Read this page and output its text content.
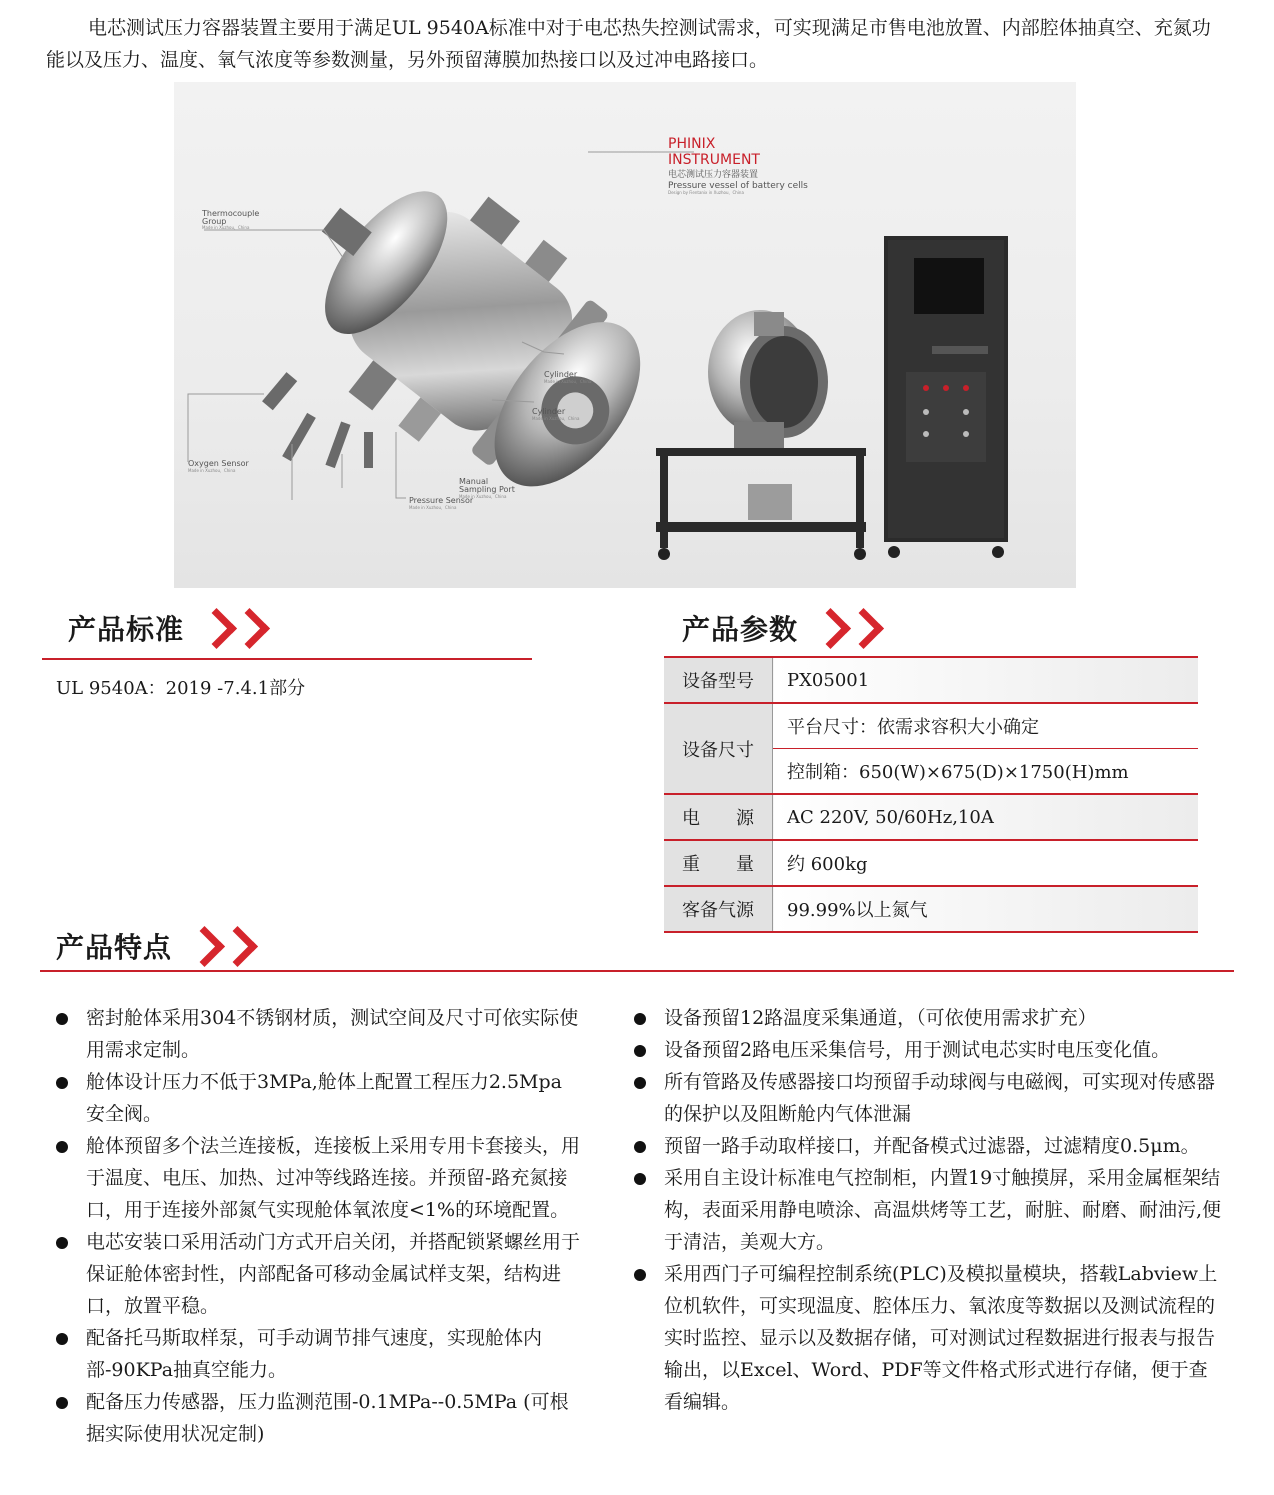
电芯测试压力容器装置主要用于满足UL 9540A标准中对于电芯热失控测试需求，可实现满足市售电池放置、内部腔体抽真空、充氮功能以及压力、温度、氧气浓度等参数测量，另外预留薄膜加热接口以及过冲电路接口。

Thermocouple
Group
Made in Xuzhou，China
Cylinder
Made in Xuzhou，China
Cylinder
Made in Xuzhou，China
Oxygen Sensor
Made in Xuzhou，China
Manual
Sampling Port
Made in Xuzhou，China
Pressure Sensor
Made in Xuzhou，China
PHINIX
INSTRUMENT
电芯测试压力容器装置
Pressure vessel of battery cells
Design by Fientanix in Xuzhou，China
产品标准
UL 9540A：2019 -7.4.1部分
产品参数
设备型号	PX05001
设备尺寸	平台尺寸：依需求容积大小确定
	控制箱：650(W)×675(D)×1750(H)mm
电　　源	AC 220V, 50/60Hz,10A
重　　量	约 600kg
客备气源	99.99%以上氮气
产品特点
密封舱体采用304不锈钢材质，测试空间及尺寸可依实际使用需求定制。
舱体设计压力不低于3MPa,舱体上配置工程压力2.5Mpa安全阀。
舱体预留多个法兰连接板，连接板上采用专用卡套接头，用于温度、电压、加热、过冲等线路连接。并预留-路充氮接口，用于连接外部氮气实现舱体氧浓度<1%的环境配置。
电芯安装口采用活动门方式开启关闭，并搭配锁紧螺丝用于保证舱体密封性，内部配备可移动金属试样支架，结构进口，放置平稳。
配备托马斯取样泵，可手动调节排气速度，实现舱体内部-90KPa抽真空能力。
配备压力传感器，压力监测范围-0.1MPa--0.5MPa (可根据实际使用状况定制)
设备预留12路温度采集通道，（可依使用需求扩充）
设备预留2路电压采集信号，用于测试电芯实时电压变化值。
所有管路及传感器接口均预留手动球阀与电磁阀，可实现对传感器的保护以及阻断舱内气体泄漏
预留一路手动取样接口，并配备模式过滤器，过滤精度0.5μm。
采用自主设计标准电气控制柜，内置19寸触摸屏，采用金属框架结构，表面采用静电喷涂、高温烘烤等工艺，耐脏、耐磨、耐油污,便于清洁，美观大方。
采用西门子可编程控制系统(PLC)及模拟量模块，搭载Labview上位机软件，可实现温度、腔体压力、氧浓度等数据以及测试流程的实时监控、显示以及数据存储，可对测试过程数据进行报表与报告输出，以Excel、Word、PDF等文件格式形式进行存储，便于查看编辑。
